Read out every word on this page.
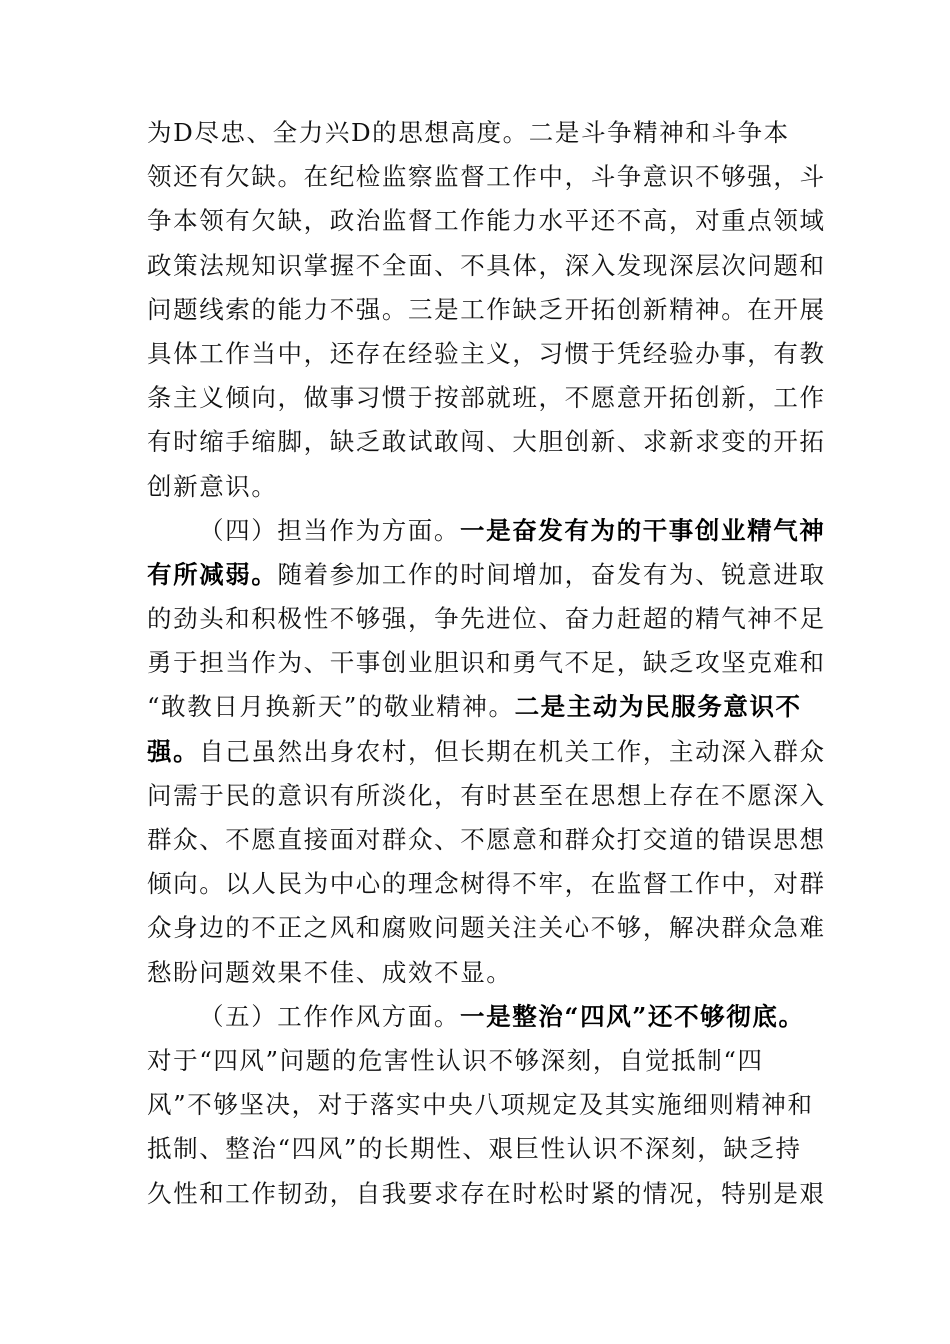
为D尽忠、全力兴D的思想高度。二是斗争精神和斗争本
领还有欠缺。在纪检监察监督工作中，斗争意识不够强，斗
争本领有欠缺，政治监督工作能力水平还不高，对重点领域
政策法规知识掌握不全面、不具体，深入发现深层次问题和
问题线索的能力不强。三是工作缺乏开拓创新精神。在开展
具体工作当中，还存在经验主义，习惯于凭经验办事，有教
条主义倾向，做事习惯于按部就班，不愿意开拓创新，工作
有时缩手缩脚，缺乏敢试敢闯、大胆创新、求新求变的开拓
创新意识。
（四）担当作为方面。一是奋发有为的干事创业精气神
有所减弱。随着参加工作的时间增加，奋发有为、锐意进取
的劲头和积极性不够强，争先进位、奋力赶超的精气神不足
勇于担当作为、干事创业胆识和勇气不足，缺乏攻坚克难和
“敢教日月换新天”的敬业精神。二是主动为民服务意识不
强。自己虽然出身农村，但长期在机关工作，主动深入群众
问需于民的意识有所淡化，有时甚至在思想上存在不愿深入
群众、不愿直接面对群众、不愿意和群众打交道的错误思想
倾向。以人民为中心的理念树得不牢，在监督工作中，对群
众身边的不正之风和腐败问题关注关心不够，解决群众急难
愁盼问题效果不佳、成效不显。
（五）工作作风方面。一是整治“四风”还不够彻底。
对于“四风”问题的危害性认识不够深刻，自觉抵制“四
风”不够坚决，对于落实中央八项规定及其实施细则精神和
抵制、整治“四风”的长期性、艰巨性认识不深刻，缺乏持
久性和工作韧劲，自我要求存在时松时紧的情况，特别是艰
